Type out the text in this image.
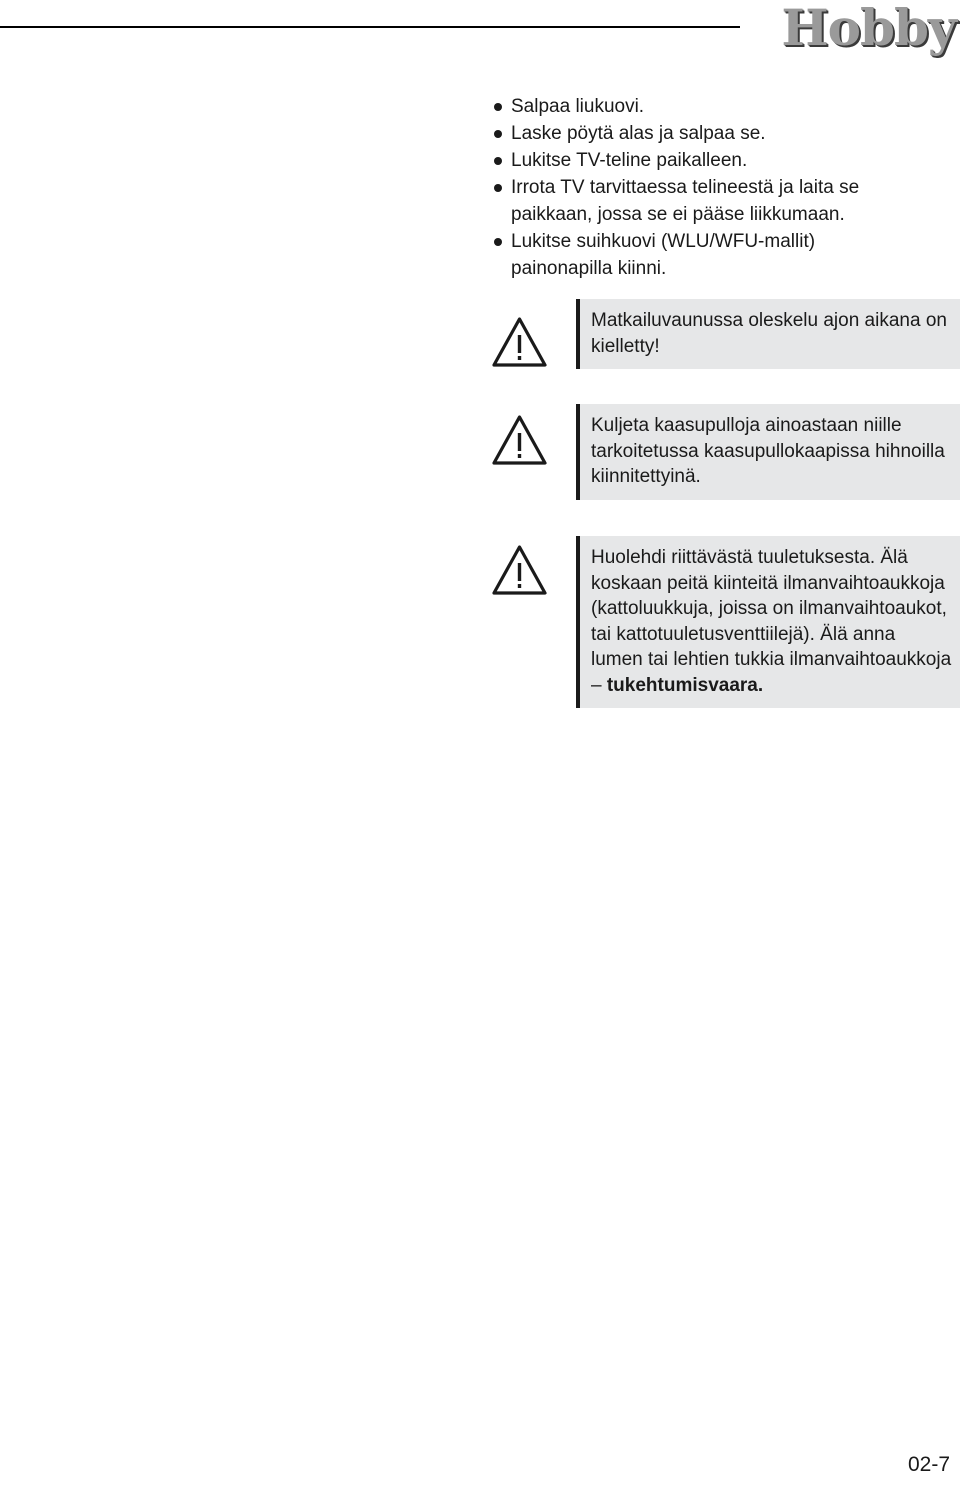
Hobby
Salpaa liukuovi.
Laske pöytä alas ja salpaa se.
Lukitse TV-teline paikalleen.
Irrota TV tarvittaessa telineestä ja laita se paikkaan, jossa se ei pääse liikkumaan.
Lukitse suihkuovi (WLU/WFU-mallit) painonapilla kiinni.
Matkailuvaunussa oleskelu ajon aikana on kielletty!
Kuljeta kaasupulloja ainoastaan niille tarkoitetussa kaasupullokaapissa hihnoilla kiinnitettyinä.
Huolehdi riittävästä tuuletuksesta. Älä koskaan peitä kiinteitä ilmanvaihtoaukkoja (kattoluukkuja, joissa on ilmanvaihtoaukot, tai kattotuuletusventtiilejä). Älä anna lumen tai lehtien tukkia ilmanvaihtoaukkoja – tukehtumisvaara.
02-7
